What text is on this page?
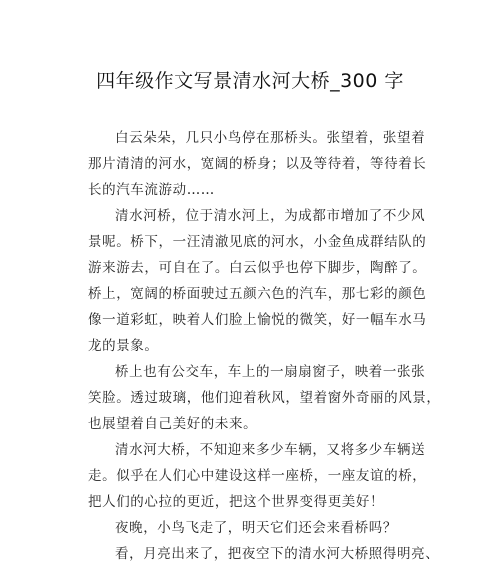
四年级作文写景清水河大桥_300 字

白云朵朵，几只小鸟停在那桥头。张望着，张望着

那片清清的河水，宽阔的桥身；以及等待着，等待着长

长的汽车流游动……

清水河桥，位于清水河上，为成都市增加了不少风

景呢。桥下，一汪清澈见底的河水，小金鱼成群结队的

游来游去，可自在了。白云似乎也停下脚步，陶醉了。

桥上，宽阔的桥面驶过五颜六色的汽车，那七彩的颜色

像一道彩虹，映着人们脸上愉悦的微笑，好一幅车水马

龙的景象。

桥上也有公交车，车上的一扇扇窗子，映着一张张

笑脸。透过玻璃，他们迎着秋风，望着窗外奇丽的风景，

也展望着自己美好的未来。

清水河大桥，不知迎来多少车辆，又将多少车辆送

走。似乎在人们心中建设这样一座桥，一座友谊的桥，

把人们的心拉的更近，把这个世界变得更美好！

夜晚，小鸟飞走了，明天它们还会来看桥吗？

看，月亮出来了，把夜空下的清水河大桥照得明亮、
